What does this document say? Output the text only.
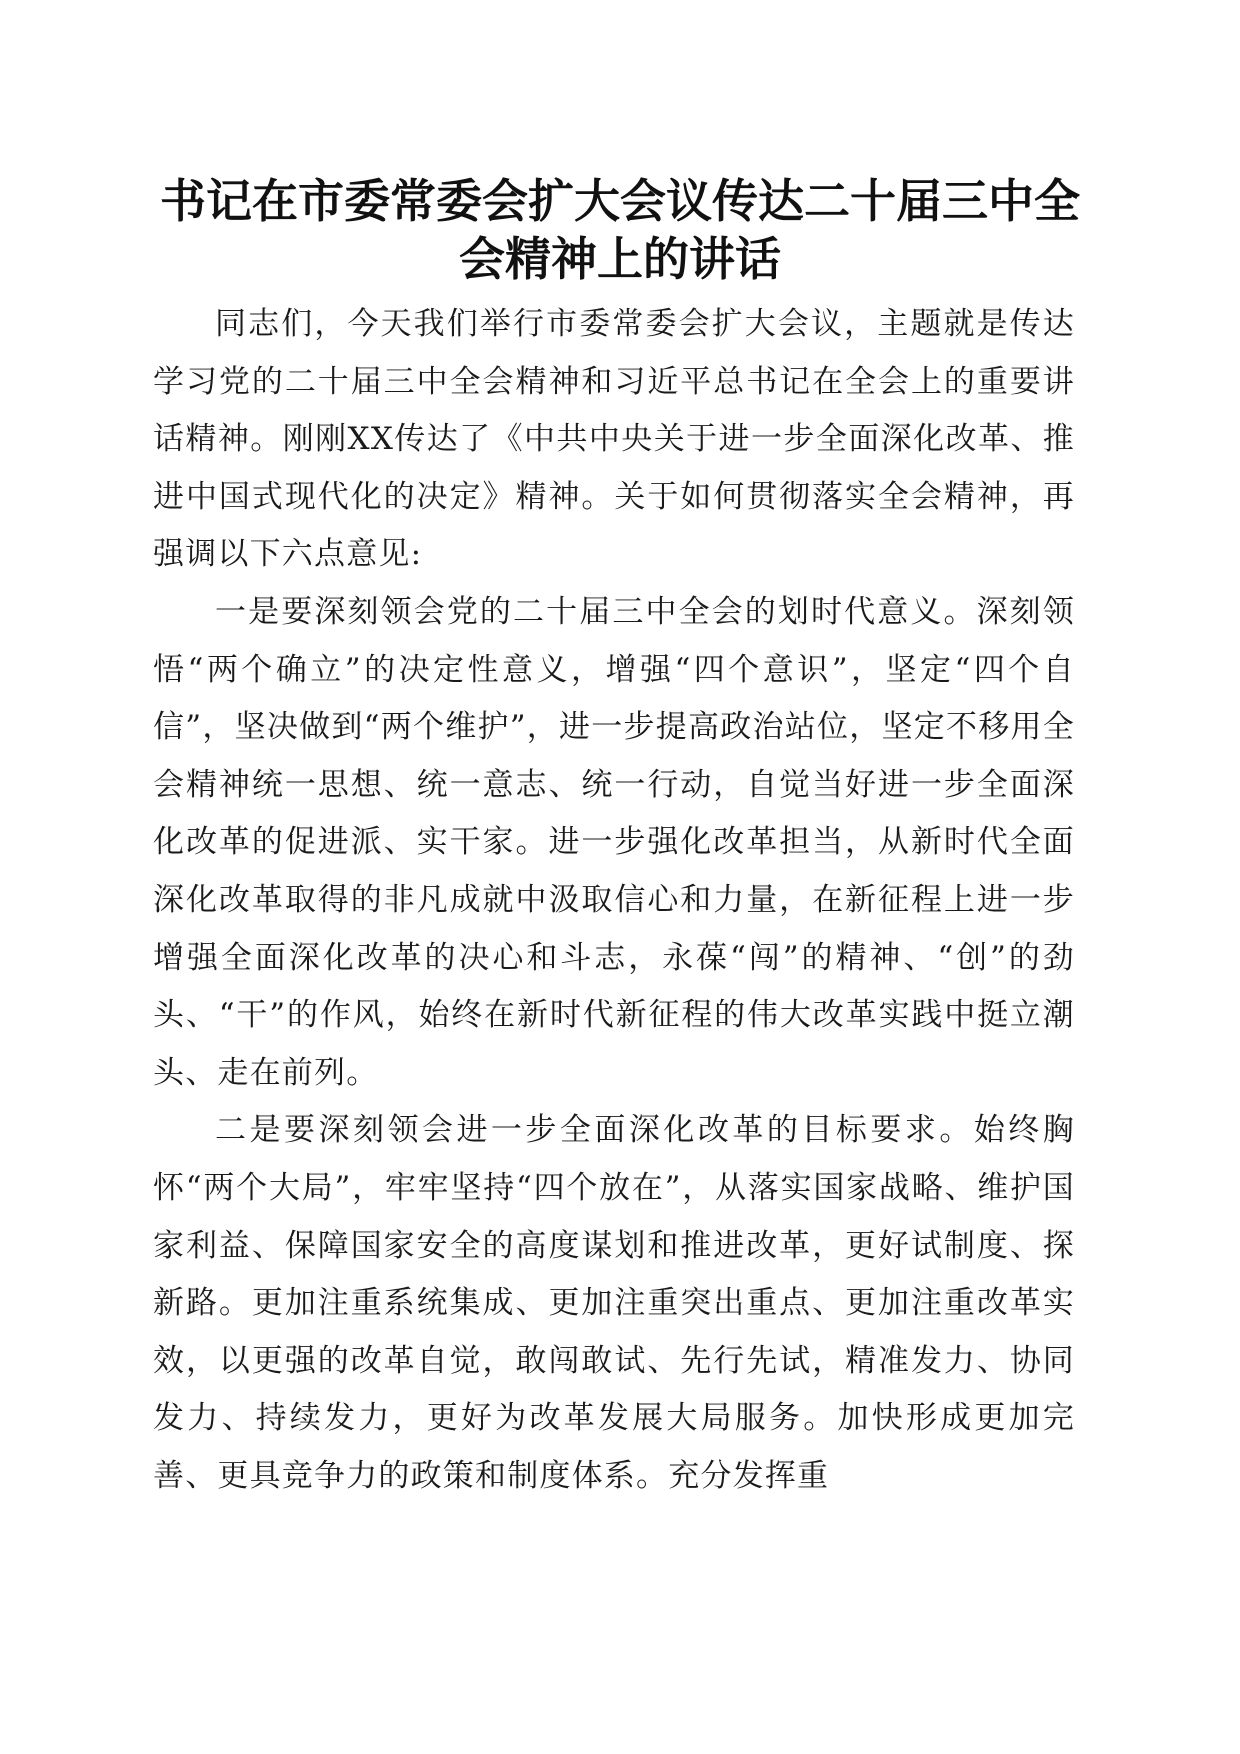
书记在市委常委会扩大会议传达二十届三中全会精神上的讲话

同志们，今天我们举行市委常委会扩大会议，主题就是传达学习党的二十届三中全会精神和习近平总书记在全会上的重要讲话精神。刚刚XX传达了《中共中央关于进一步全面深化改革、推进中国式现代化的决定》精神。关于如何贯彻落实全会精神，再强调以下六点意见:

一是要深刻领会党的二十届三中全会的划时代意义。深刻领悟“两个确立”的决定性意义，增强“四个意识”，坚定“四个自信”，坚决做到“两个维护”，进一步提高政治站位，坚定不移用全会精神统一思想、统一意志、统一行动，自觉当好进一步全面深化改革的促进派、实干家。进一步强化改革担当，从新时代全面深化改革取得的非凡成就中汲取信心和力量，在新征程上进一步增强全面深化改革的决心和斗志，永葆“闯”的精神、“创”的劲头、“干”的作风，始终在新时代新征程的伟大改革实践中挺立潮头、走在前列。

二是要深刻领会进一步全面深化改革的目标要求。始终胸怀“两个大局”，牢牢坚持“四个放在”，从落实国家战略、维护国家利益、保障国家安全的高度谋划和推进改革，更好试制度、探新路。更加注重系统集成、更加注重突出重点、更加注重改革实效，以更强的改革自觉，敢闯敢试、先行先试，精准发力、协同发力、持续发力，更好为改革发展大局服务。加快形成更加完善、更具竞争力的政策和制度体系。充分发挥重
